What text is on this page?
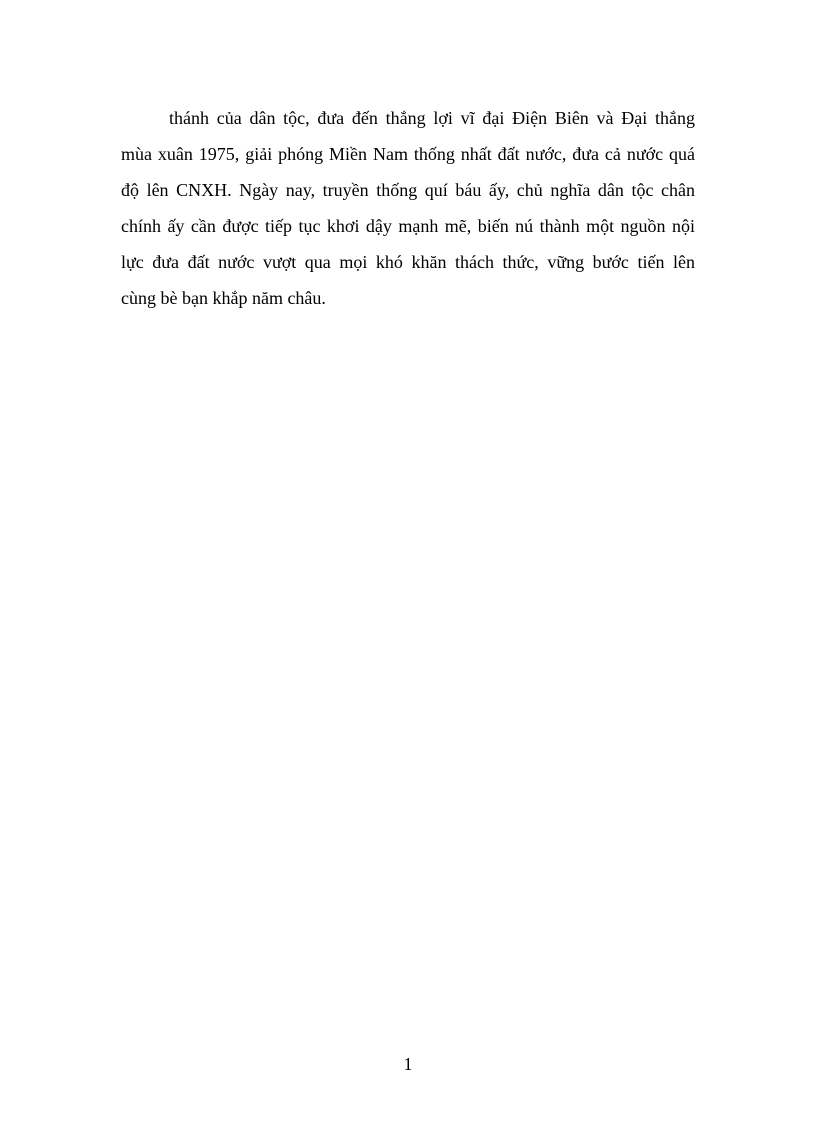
thánh của dân tộc, đưa đến thắng lợi vĩ đại Điện Biên và Đại thắng
mùa xuân 1975, giải phóng Miền Nam thống nhất đất nước, đưa cả nước quá
độ lên CNXH. Ngày nay, truyền thống quí báu ấy, chủ nghĩa dân tộc chân
chính ấy cần được tiếp tục khơi dậy mạnh mẽ, biến nú thành một nguồn nội
lực đưa đất nước vượt qua mọi khó khăn thách thức, vững bước tiến lên
cùng bè bạn khắp năm châu.
1
